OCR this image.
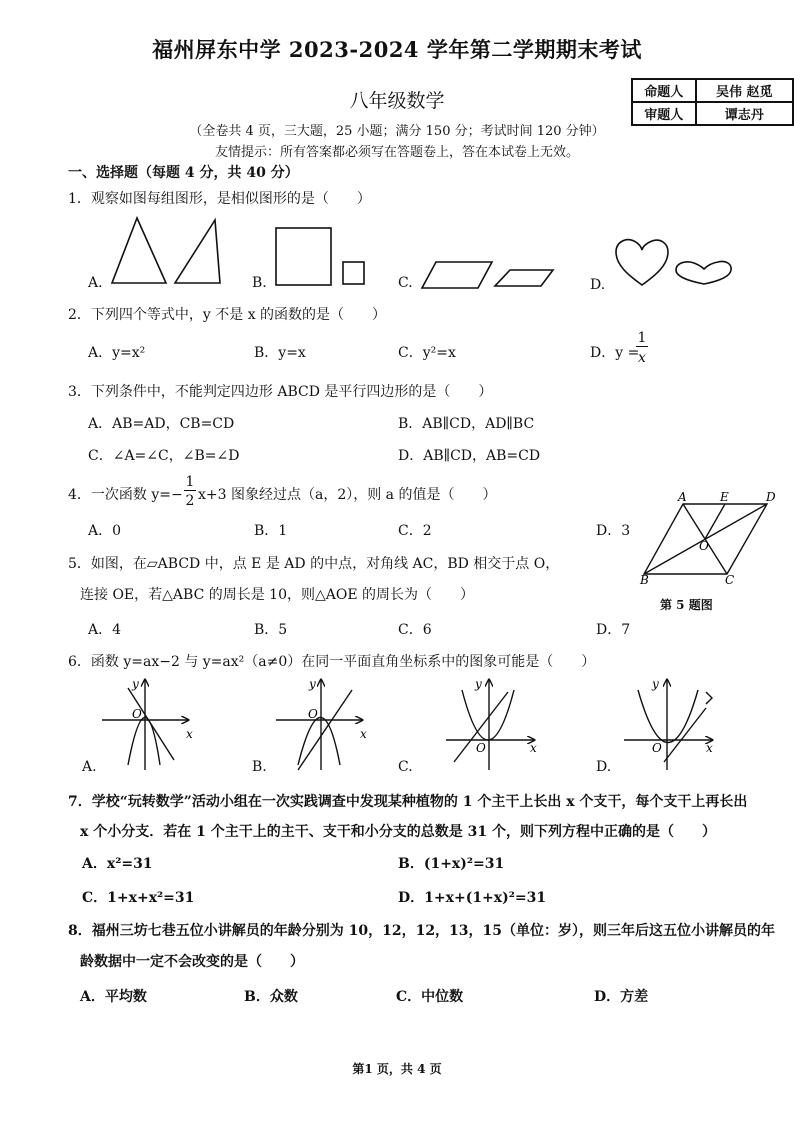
福州屏东中学 2023-2024 学年第二学期期末考试
八年级数学	命题人	吴伟 赵觅
审题人	谭志丹
（全卷共 4 页，三大题，25 小题；满分 150 分；考试时间 120 分钟）
友情提示：所有答案都必须写在答题卷上，答在本试卷上无效。
一、选择题（每题 4 分，共 40 分）
1．观察如图每组图形，是相似图形的是（　　）
A.	B.	C.	D.
2．下列四个等式中，y 不是 x 的函数的是（　　）
A．y=x²	B．y=x	C．y²=x	D．y =
1
x
3．下列条件中，不能判定四边形 ABCD 是平行四边形的是（　　）
A．AB=AD，CB=CD	B．AB∥CD，AD∥BC
C．∠A=∠C，∠B=∠D	D．AB∥CD，AB=CD
4．一次函数 y=−
1
2 x+3 图象经过点（a，2），则 a 的值是（　　）
A．0	B．1	C．2	D．3
5．如图，在▱ABCD 中，点 E 是 AD 的中点，对角线 AC，BD 相交于点 O，
连接 OE，若△ABC 的周长是 10，则△AOE 的周长为（　　）
A．4	B．5	C．6	D．7
A	E	D
O
B	C
第 5 题图
6．函数 y=ax−2 与 y=ax²（a≠0）在同一平面直角坐标系中的图象可能是（　　）
A.	B.	C.	D.
y
x
O
y
x
O
y
x
O
y
x
O
7．学校“玩转数学”活动小组在一次实践调查中发现某种植物的 1 个主干上长出 x 个支干，每个支干上再长出
x 个小分支．若在 1 个主干上的主干、支干和小分支的总数是 31 个，则下列方程中正确的是（　　）
A．x²=31	B．(1+x)²=31
C．1+x+x²=31	D．1+x+(1+x)²=31
8．福州三坊七巷五位小讲解员的年龄分别为 10，12，12，13，15（单位：岁），则三年后这五位小讲解员的年
龄数据中一定不会改变的是（　　）
A．平均数	B．众数	C．中位数	D．方差
第1 页，共 4 页
